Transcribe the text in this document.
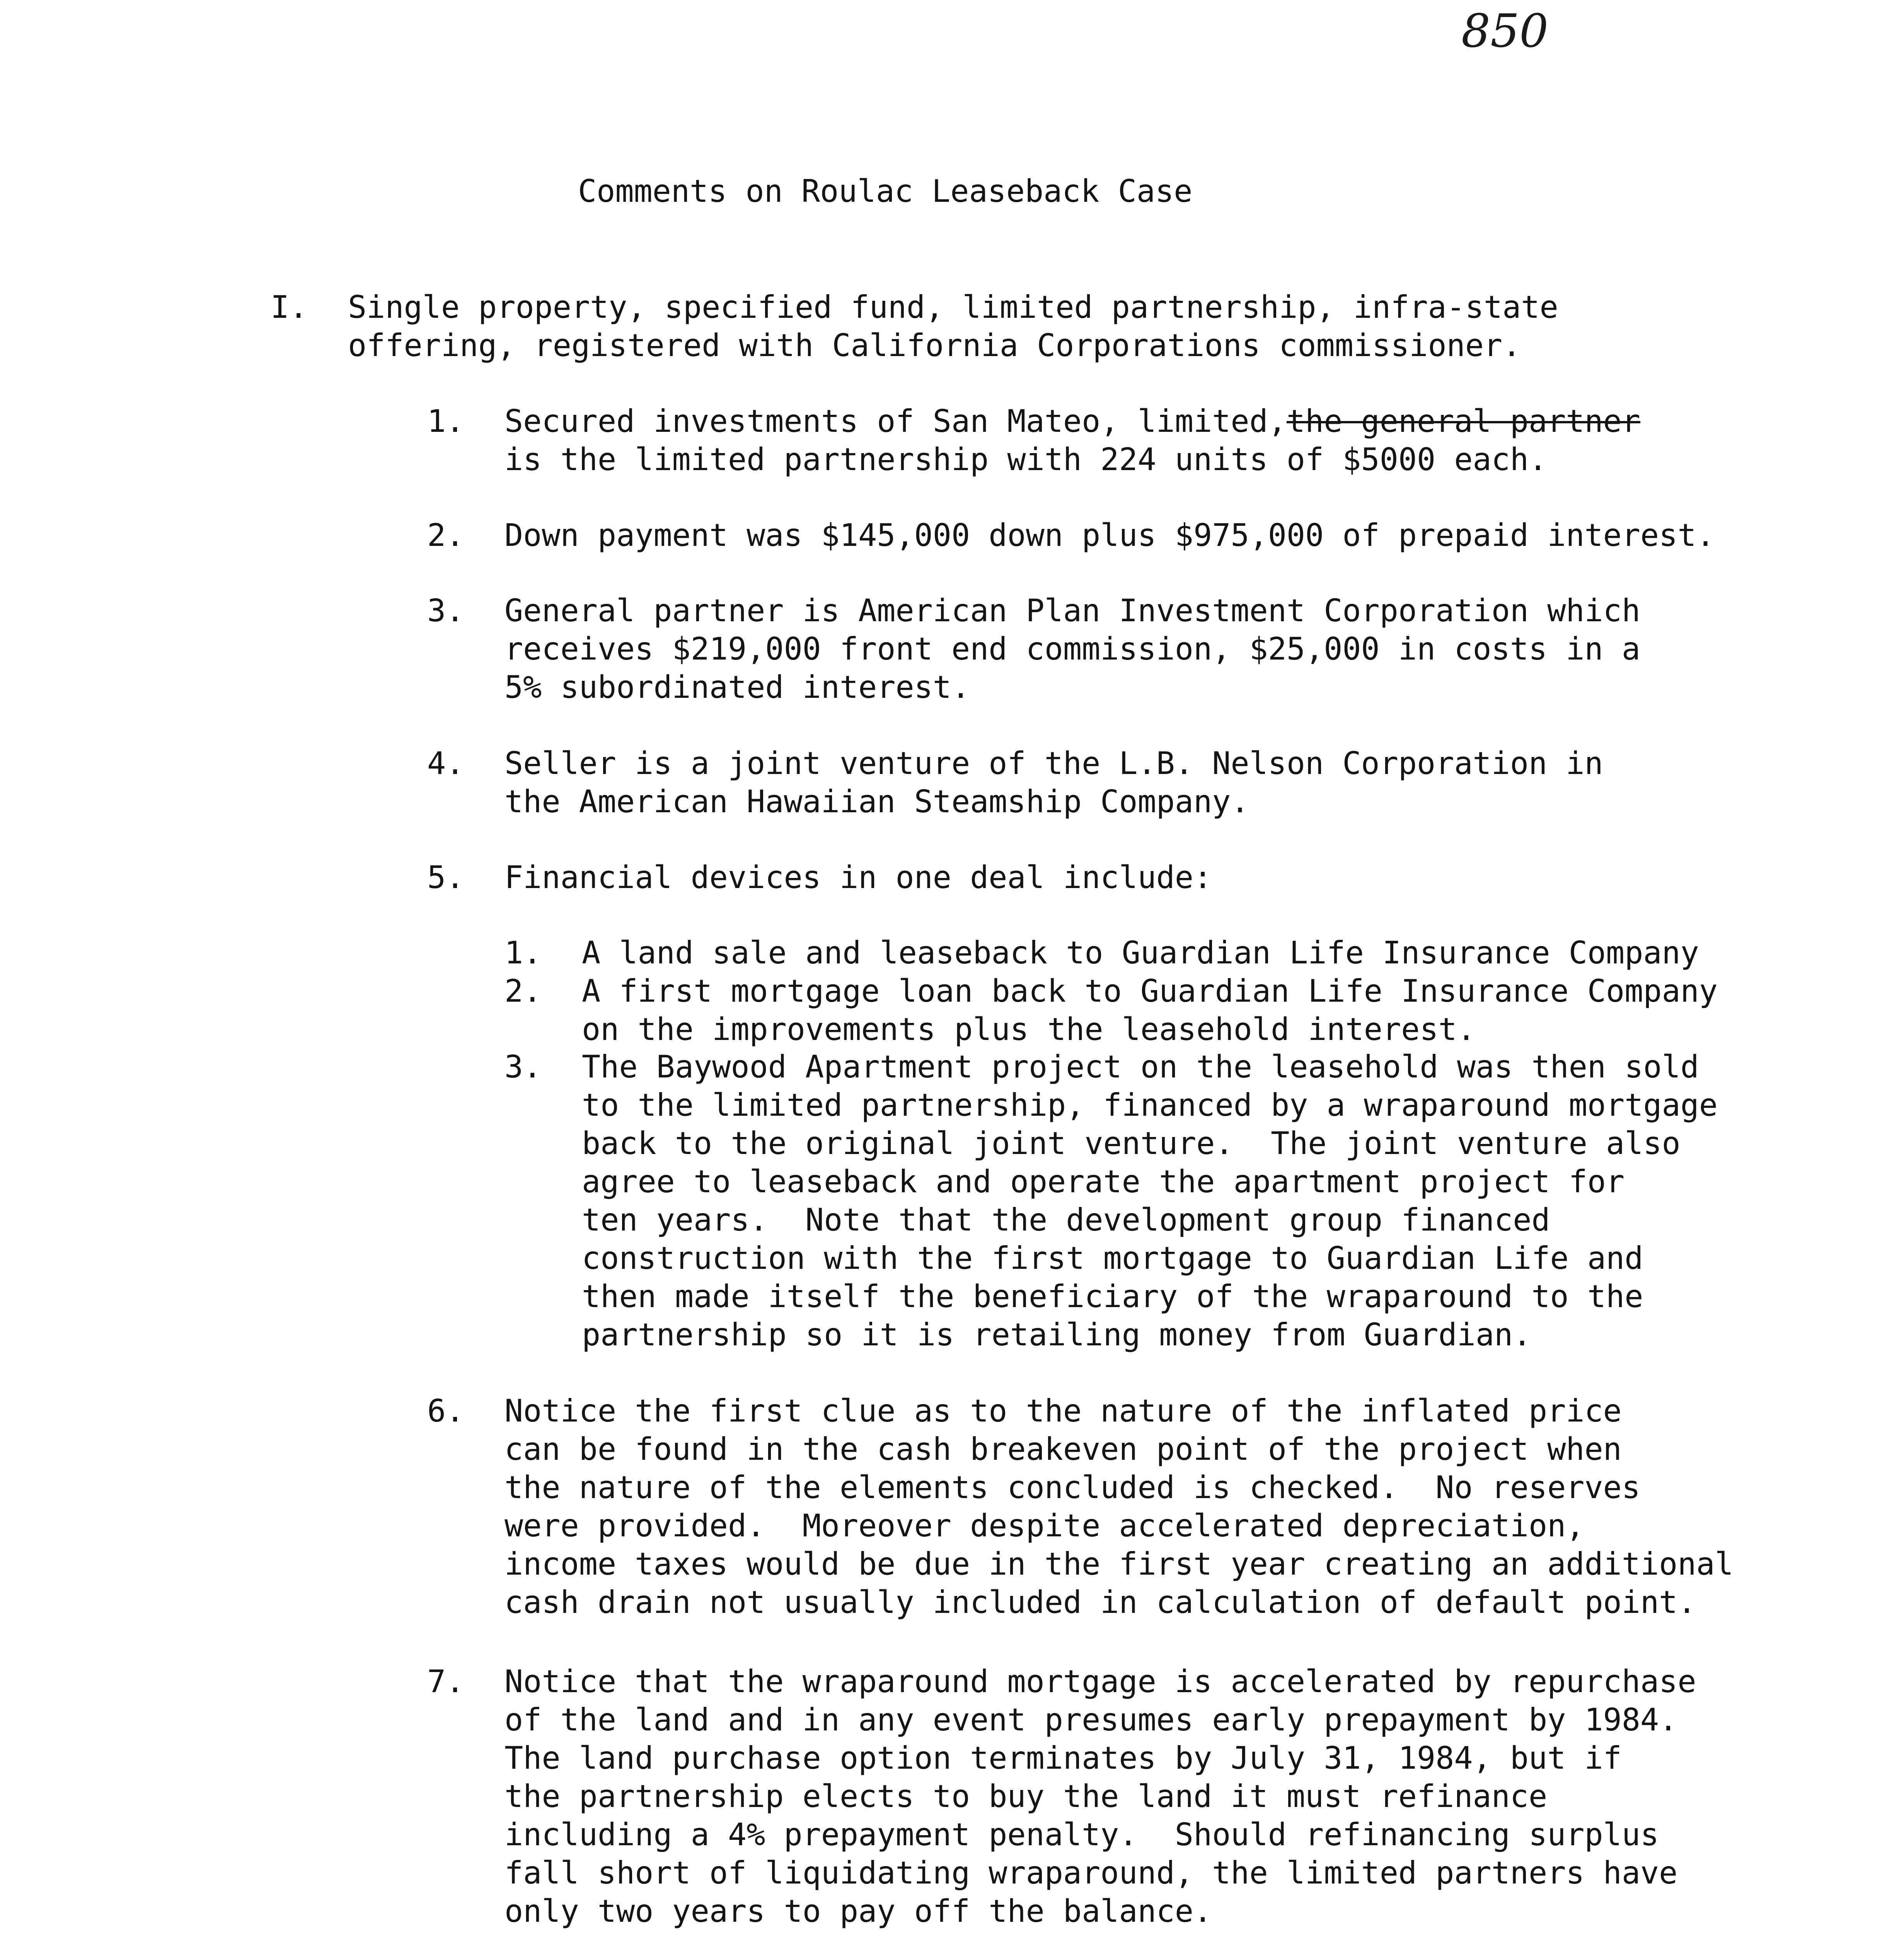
850
Comments on Roulac Leaseback Case
I. Single property, specified fund, limited partnership, infra-state
offering, registered with California Corporations commissioner.
1. Secured investments of San Mateo, limited,the general partner
is the limited partnership with 224 units of $5000 each.
2. Down payment was $145,000 down plus $975,000 of prepaid interest.
3. General partner is American Plan Investment Corporation which
receives $219,000 front end commission, $25,000 in costs in a
5% subordinated interest.
4. Seller is a joint venture of the L.B. Nelson Corporation in
the American Hawaiian Steamship Company.
5. Financial devices in one deal include:
1. A land sale and leaseback to Guardian Life Insurance Company
2. A first mortgage loan back to Guardian Life Insurance Company
on the improvements plus the leasehold interest.
3. The Baywood Apartment project on the leasehold was then sold
to the limited partnership, financed by a wraparound mortgage
back to the original joint venture.  The joint venture also
agree to leaseback and operate the apartment project for
ten years.  Note that the development group financed
construction with the first mortgage to Guardian Life and
then made itself the beneficiary of the wraparound to the
partnership so it is retailing money from Guardian.
6. Notice the first clue as to the nature of the inflated price
can be found in the cash breakeven point of the project when
the nature of the elements concluded is checked.  No reserves
were provided.  Moreover despite accelerated depreciation,
income taxes would be due in the first year creating an additional
cash drain not usually included in calculation of default point.
7. Notice that the wraparound mortgage is accelerated by repurchase
of the land and in any event presumes early prepayment by 1984.
The land purchase option terminates by July 31, 1984, but if
the partnership elects to buy the land it must refinance
including a 4% prepayment penalty.  Should refinancing surplus
fall short of liquidating wraparound, the limited partners have
only two years to pay off the balance.
